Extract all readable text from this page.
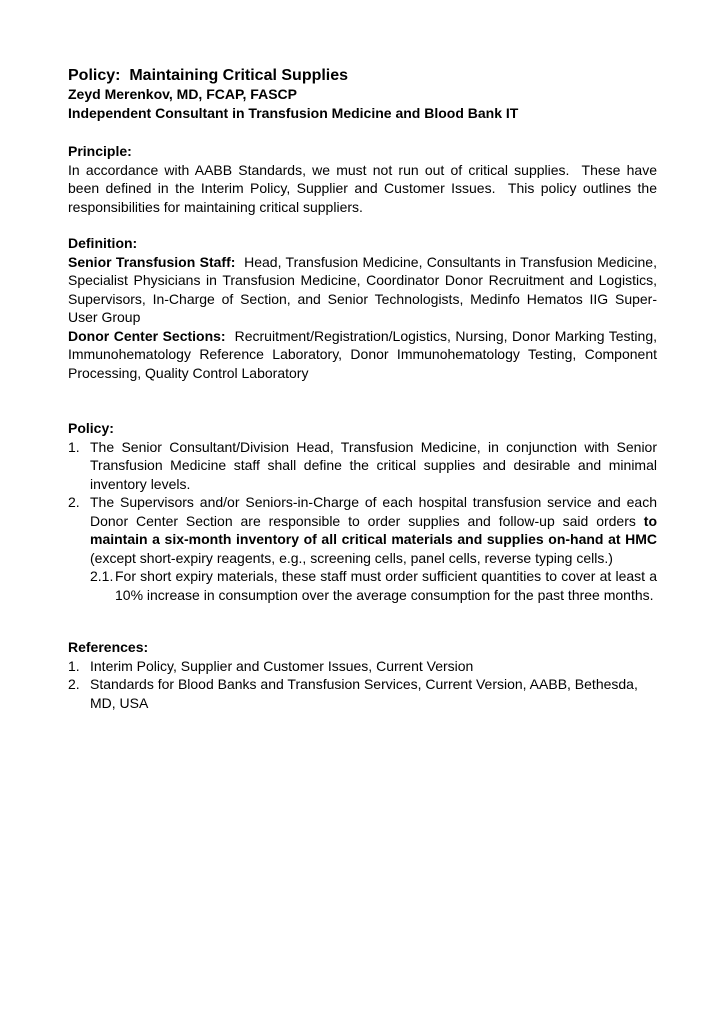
Policy:  Maintaining Critical Supplies
Zeyd Merenkov, MD, FCAP, FASCP
Independent Consultant in Transfusion Medicine and Blood Bank IT
Principle:

In accordance with AABB Standards, we must not run out of critical supplies.  These have been defined in the Interim Policy, Supplier and Customer Issues.  This policy outlines the responsibilities for maintaining critical suppliers.

Definition:

Senior Transfusion Staff:  Head, Transfusion Medicine, Consultants in Transfusion Medicine, Specialist Physicians in Transfusion Medicine, Coordinator Donor Recruitment and Logistics, Supervisors, In-Charge of Section, and Senior Technologists, Medinfo Hematos IIG Super-User Group

Donor Center Sections:  Recruitment/Registration/Logistics, Nursing, Donor Marking Testing, Immunohematology Reference Laboratory, Donor Immunohematology Testing, Component Processing, Quality Control Laboratory

Policy:
1. The Senior Consultant/Division Head, Transfusion Medicine, in conjunction with Senior Transfusion Medicine staff shall define the critical supplies and desirable and minimal inventory levels.
2. The Supervisors and/or Seniors-in-Charge of each hospital transfusion service and each Donor Center Section are responsible to order supplies and follow-up said orders to maintain a six-month inventory of all critical materials and supplies on-hand at HMC (except short-expiry reagents, e.g., screening cells, panel cells, reverse typing cells.)
2.1. For short expiry materials, these staff must order sufficient quantities to cover at least a 10% increase in consumption over the average consumption for the past three months.
References:
1. Interim Policy, Supplier and Customer Issues, Current Version
2. Standards for Blood Banks and Transfusion Services, Current Version, AABB, Bethesda, MD, USA
